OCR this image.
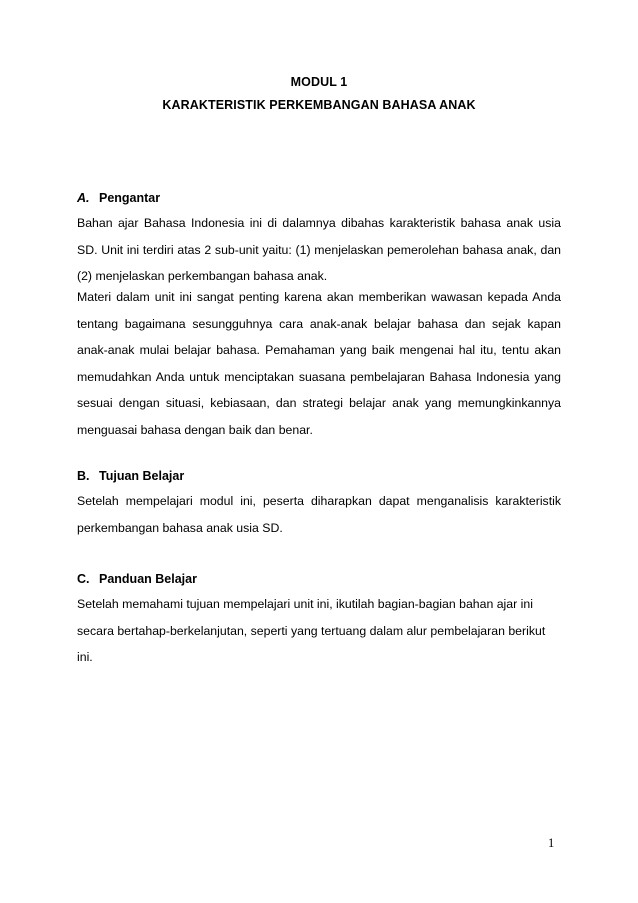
MODUL 1
KARAKTERISTIK PERKEMBANGAN BAHASA ANAK
A. Pengantar
Bahan ajar Bahasa Indonesia ini di dalamnya dibahas karakteristik bahasa anak usia SD. Unit ini terdiri atas 2 sub-unit yaitu: (1) menjelaskan pemerolehan bahasa anak, dan (2) menjelaskan perkembangan bahasa anak.
Materi dalam unit ini sangat penting karena akan memberikan wawasan kepada Anda tentang bagaimana sesungguhnya cara anak-anak belajar bahasa dan sejak kapan anak-anak mulai belajar bahasa. Pemahaman yang baik mengenai hal itu, tentu akan memudahkan Anda untuk menciptakan suasana pembelajaran Bahasa Indonesia yang sesuai dengan situasi, kebiasaan, dan strategi belajar anak yang memungkinkannya menguasai bahasa dengan baik dan benar.
B. Tujuan Belajar
Setelah mempelajari modul ini, peserta diharapkan dapat menganalisis karakteristik perkembangan bahasa anak usia SD.
C. Panduan Belajar
Setelah memahami tujuan mempelajari unit ini, ikutilah bagian-bagian bahan ajar ini secara bertahap-berkelanjutan, seperti yang tertuang dalam alur pembelajaran berikut ini.
1
